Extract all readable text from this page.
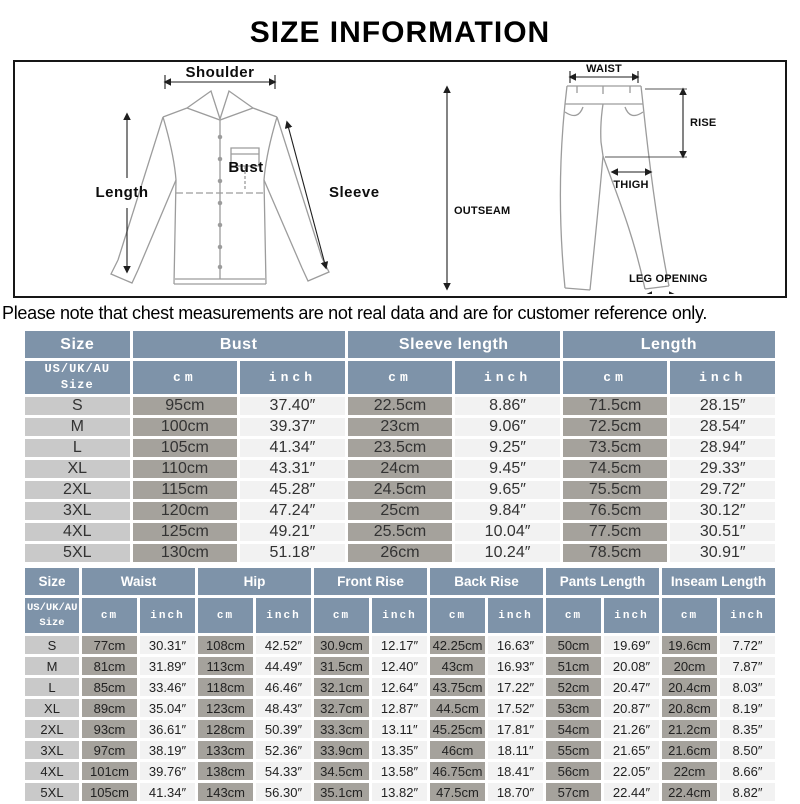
SIZE INFORMATION
Shoulder
Length
Bust
Sleeve
WAIST
RISE
OUTSEAM
THIGH
LEG OPENING
Please note that chest measurements are not real data and are for customer reference only.
Size	Bust		Sleeve length		Length	
US/UK/AU Size	cm	inch	cm	inch	cm	inch
S	95cm	37.40″	22.5cm	8.86″	71.5cm	28.15″
M	100cm	39.37″	23cm	9.06″	72.5cm	28.54″
L	105cm	41.34″	23.5cm	9.25″	73.5cm	28.94″
XL	110cm	43.31″	24cm	9.45″	74.5cm	29.33″
2XL	115cm	45.28″	24.5cm	9.65″	75.5cm	29.72″
3XL	120cm	47.24″	25cm	9.84″	76.5cm	30.12″
4XL	125cm	49.21″	25.5cm	10.04″	77.5cm	30.51″
5XL	130cm	51.18″	26cm	10.24″	78.5cm	30.91″
Size	Waist		Hip		Front Rise		Back Rise		Pants Length		Inseam Length	
US/UK/AU Size	cm	inch	cm	inch	cm	inch	cm	inch	cm	inch	cm	inch
S	77cm	30.31″	108cm	42.52″	30.9cm	12.17″	42.25cm	16.63″	50cm	19.69″	19.6cm	7.72″
M	81cm	31.89″	113cm	44.49″	31.5cm	12.40″	43cm	16.93″	51cm	20.08″	20cm	7.87″
L	85cm	33.46″	118cm	46.46″	32.1cm	12.64″	43.75cm	17.22″	52cm	20.47″	20.4cm	8.03″
XL	89cm	35.04″	123cm	48.43″	32.7cm	12.87″	44.5cm	17.52″	53cm	20.87″	20.8cm	8.19″
2XL	93cm	36.61″	128cm	50.39″	33.3cm	13.11″	45.25cm	17.81″	54cm	21.26″	21.2cm	8.35″
3XL	97cm	38.19″	133cm	52.36″	33.9cm	13.35″	46cm	18.11″	55cm	21.65″	21.6cm	8.50″
4XL	101cm	39.76″	138cm	54.33″	34.5cm	13.58″	46.75cm	18.41″	56cm	22.05″	22cm	8.66″
5XL	105cm	41.34″	143cm	56.30″	35.1cm	13.82″	47.5cm	18.70″	57cm	22.44″	22.4cm	8.82″
